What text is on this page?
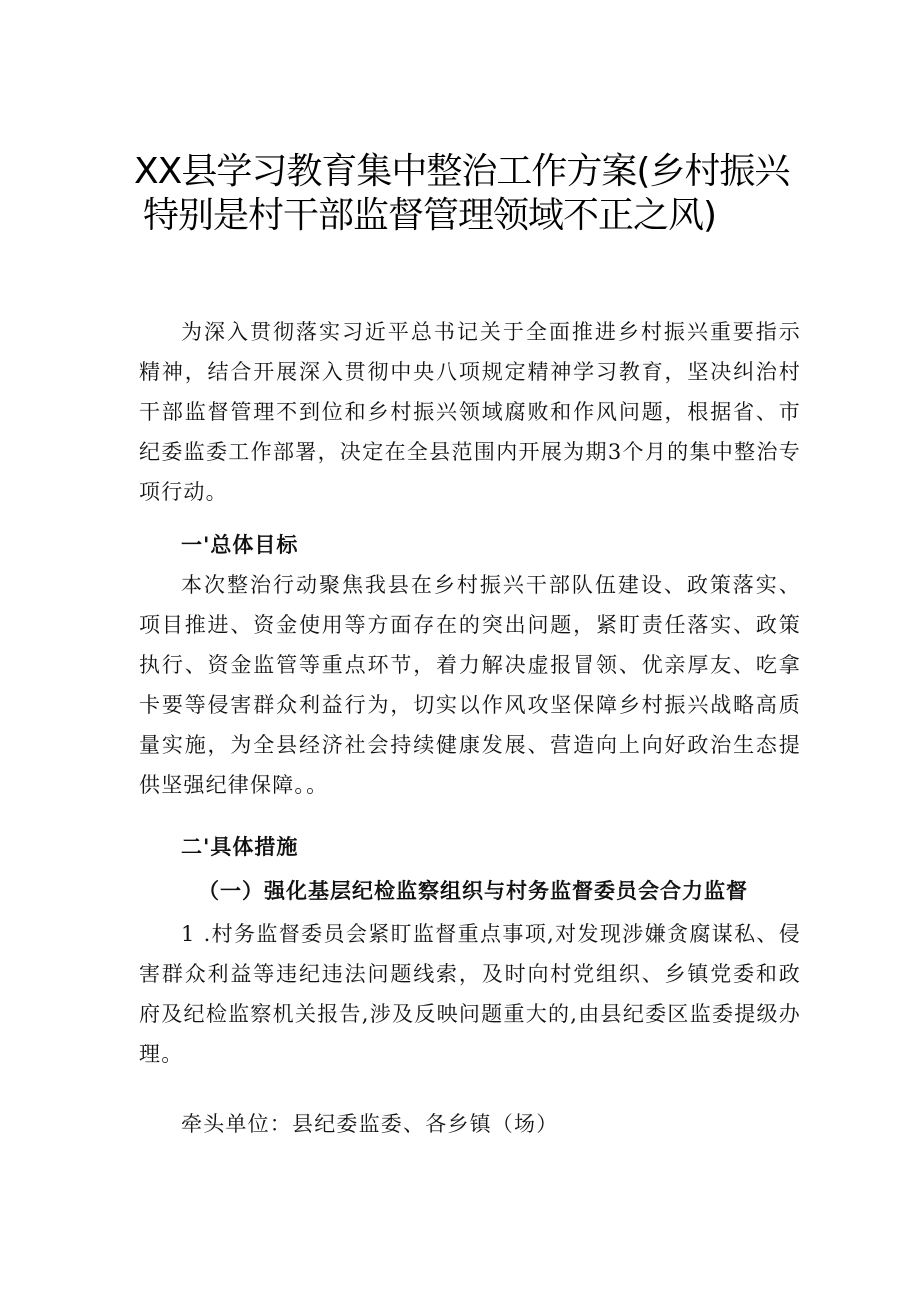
XX县学习教育集中整治工作方案(乡村振兴
特别是村干部监督管理领域不正之风)

为深入贯彻落实习近平总书记关于全面推进乡村振兴重要指示精神，结合开展深入贯彻中央八项规定精神学习教育，坚决纠治村干部监督管理不到位和乡村振兴领域腐败和作风问题，根据省、市纪委监委工作部署，决定在全县范围内开展为期3个月的集中整治专项行动。

一'总体目标

本次整治行动聚焦我县在乡村振兴干部队伍建设、政策落实、项目推进、资金使用等方面存在的突出问题，紧盯责任落实、政策执行、资金监管等重点环节，着力解决虚报冒领、优亲厚友、吃拿卡要等侵害群众利益行为，切实以作风攻坚保障乡村振兴战略高质量实施，为全县经济社会持续健康发展、营造向上向好政治生态提供坚强纪律保障。。

二'具体措施

（一）强化基层纪检监察组织与村务监督委员会合力监督

1 .村务监督委员会紧盯监督重点事项,对发现涉嫌贪腐谋私、侵害群众利益等违纪违法问题线索，及时向村党组织、乡镇党委和政府及纪检监察机关报告,涉及反映问题重大的,由县纪委区监委提级办理。

牵头单位：县纪委监委、各乡镇（场）
